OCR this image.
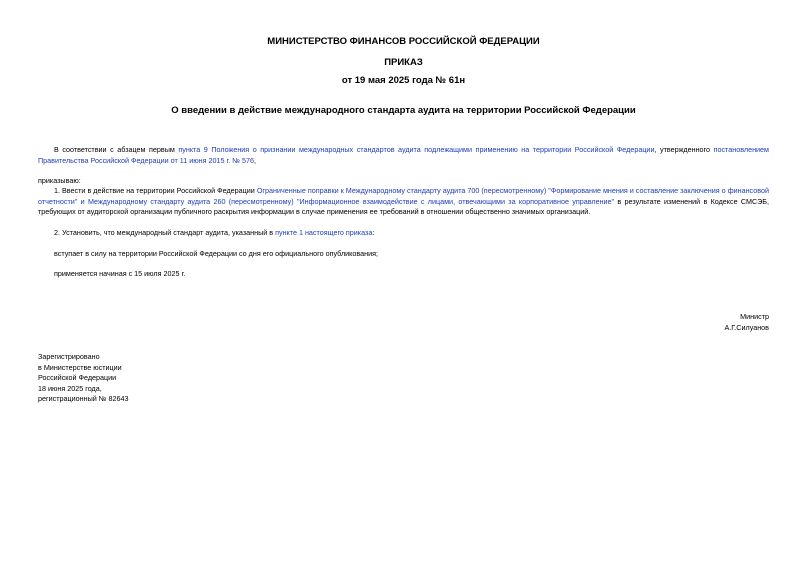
МИНИСТЕРСТВО ФИНАНСОВ РОССИЙСКОЙ ФЕДЕРАЦИИ
ПРИКАЗ
от 19 мая 2025 года № 61н
О введении в действие международного стандарта аудита на территории Российской Федерации
В соответствии с абзацем первым пункта 9 Положения о признании международных стандартов аудита подлежащими применению на территории Российской Федерации, утвержденного постановлением Правительства Российской Федерации от 11 июня 2015 г. № 576,
приказываю:
1. Ввести в действие на территории Российской Федерации Ограниченные поправки к Международному стандарту аудита 700 (пересмотренному) "Формирование мнения и составление заключения о финансовой отчетности" и Международному стандарту аудита 260 (пересмотренному) "Информационное взаимодействие с лицами, отвечающими за корпоративное управление" в результате изменений в Кодексе СМСЭБ, требующих от аудиторской организации публичного раскрытия информации в случае применения ее требований в отношении общественно значимых организаций.
2. Установить, что международный стандарт аудита, указанный в пункте 1 настоящего приказа:
вступает в силу на территории Российской Федерации со дня его официального опубликования;
применяется начиная с 15 июля 2025 г.
Министр
А.Г.Силуанов
Зарегистрировано
в Министерстве юстиции
Российской Федерации
18 июня 2025 года,
регистрационный № 82643
